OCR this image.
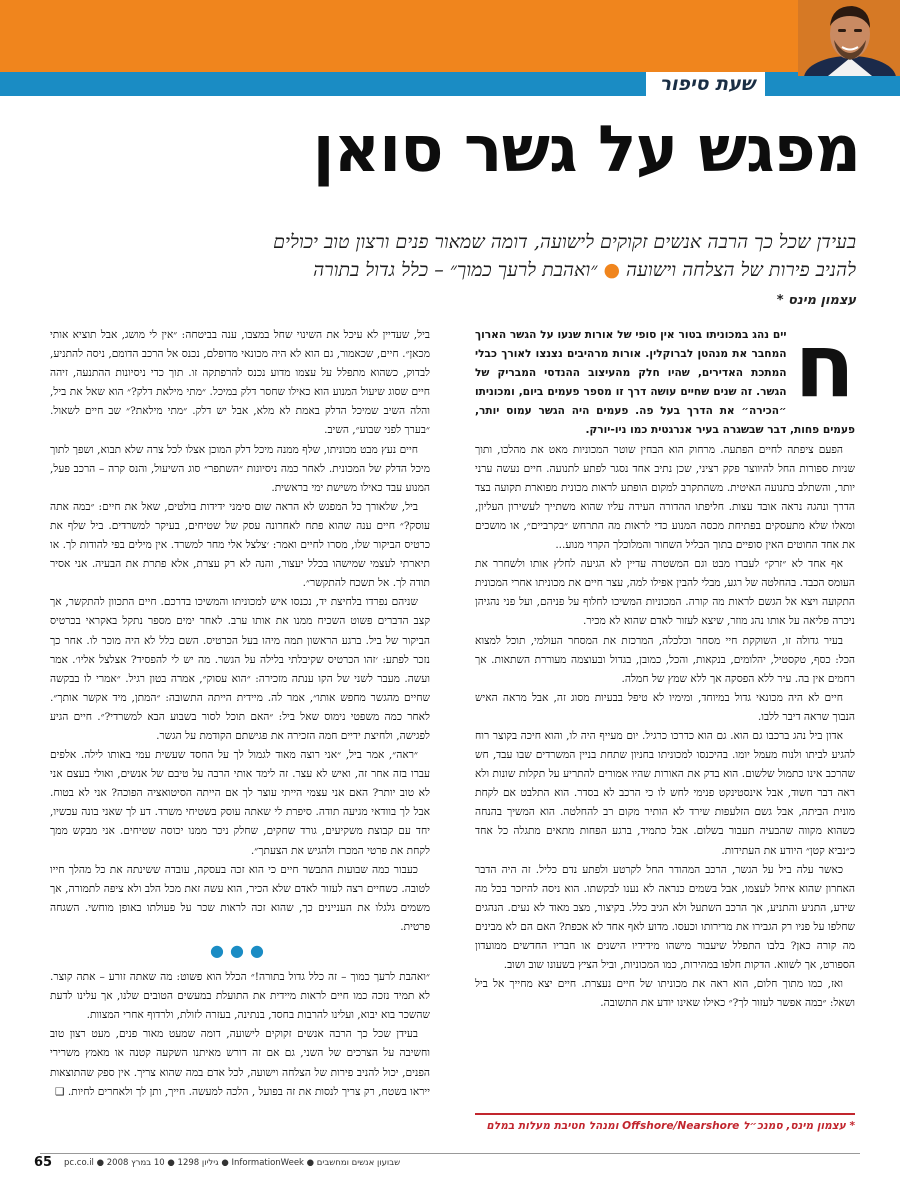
שעת סיפור
מפגש על גשר סואן
בעידן שכל כך הרבה אנשים זקוקים לישועה, דומה שמאור פנים ורצון טוב יכולים
להניב פירות של הצלחה וישועה●״ואהבת לרעך כמוך״ – כלל גדול בתורה
עצמון מינס *

ח
יים נהג במכוניתו בטור אין סופי של אורות שנעו על הגשר הארוך המחבר את מנהטן לברוקלין. אורות מרהיבים נצנצו לאורך כבלי המתכת האדירים, שהיו חלק מהעיצוב ההנדסי המבריק של הגשר. זה שנים שחיים עושה דרך זו מספר פעמים ביום, ומכוניתו ״הכירה״ את הדרך בעל פה. פעמים היה הגשר עמוס יותר, פעמים פחות, דבר שבשגרה בעיר אנרגטית כמו ניו-יורק.

הפעם ציפתה לחיים הפתעה. מרחוק הוא הבחין שוטר המכוניות מאט את מהלכו, ותוך שניות ספורות החל להיווצר פקק רציני, שכן נתיב אחד נסגר לפתע לתנועה. חיים נעשה ערני יותר, והשתלב בתנועה האיטית. משהתקרב למקום הופתע לראות מכונית מפוארת תקועה בצד הדרך ונהגה נראה אובד עצות. חליפתו ההדורה העידה עליו שהוא משתייך לעשירון העליון, ומאלו שלא מתעסקים בפתיחת מכסה המנוע כדי לראות מה התרחש ״בקרביים״, או מושכים את אחד החוטים האין סופיים בתוך הבליל השחור והמלוכלך הקרוי מנוע...

אף אחד לא ״זרק״ לעברו מבט וגם המשטרה עדיין לא הגיעה לחלץ אותו ולשחרר את העומס הכבד. בהחלטה של רגע, מבלי להבין אפילו למה, עצר חיים את מכוניתו אחרי המכונית התקועה ויצא אל הגשם לראות מה קורה. המכוניות המשיכו לחלוף על פניהם, ועל פני נהגיהן ניכרה פליאה על אותו נהג מוזר, שיצא לעזור לאדם שהוא לא מכיר.

בעיר גדולה זו, השוקקת חיי מסחר וכלכלה, המרכזת את המסחר העולמי, תוכל למצוא הכל: כסף, טקסטיל, יהלומים, בנקאות, והכל, כמובן, בגדול ובעוצמה מעוררת השתאות. אך רחמים אין בה. עיר ללא הפסקה אך ללא שמץ של חמלה.

חיים לא היה מכונאי גדול במיוחד, ומימיו לא טיפל בבעיות מסוג זה, אבל מראה האיש הנבוך שראה דיבר ללבו.

אדון ביל נהג ברכבו גם הוא. גם הוא כדרכו כרגיל. יום מעייף היה לו, והוא חיכה בקוצר רוח להגיע לביתו ולנוח מעמל יומו. בהיכנסו למכוניתו בחניון שתחת בניין המשרדים שבו עבד, חש שהרכב אינו כתמול שלשום. הוא בדק את האורות שהיו אמורים להתריע על תקלות שונות ולא ראה דבר חשוד, אבל אינסטינקט פנימי לחש לו כי הרכב לא בסדר. הוא התלבט אם לקחת מונית הביתה, אבל גשם הזלעפות שירד לא הותיר מקום רב להחלטה. הוא המשיך בהנחה כשהוא מקווה שהבעיה תעבור בשלום. אבל כתמיד, ברגע הפחות מתאים מתגלה כל אחד כ״נביא קטן״ היודע את העתידות.

כאשר עלה ביל על הגשר, הרכב המהודר החל לקרטע ולפתע נדם כליל. זה היה הדבר האחרון שהוא איחל לעצמו, אבל בשמים כנראה לא נענו לבקשתו. הוא ניסה להיזכר בכל מה שידע, התניע והתניע, אך הרכב השתעל ולא הגיב כלל. בקיצור, מצב מאוד לא נעים. הנהגים שחלפו על פניו רק הגבירו את מרירותו וכעסו. מדוע לאף אחד לא אכפת? האם הם לא מבינים מה קורה כאן? בלבו התפלל שיעבור מישהו מידידיו הישנים או חבריו החדשים ממועדון הספורט, אך לשווא. הדקות חלפו במהירות, כמו המכוניות, וביל הציץ בשעונו שוב ושוב.

ואז, כמו מתוך חלום, הוא ראה את מכוניתו של חיים נעצרת. חיים יצא מחייך אל ביל ושאל: ״במה אפשר לעזור לך?״ כאילו שאינו יודע את התשובה.

ביל, שעדיין לא עיכל את השינוי שחל במצבו, ענה בביטחה: ״אין לי מושג, אבל תוציא אותי מכאן״. חיים, שכאמור, גם הוא לא היה מכונאי מדופלם, נכנס אל הרכב הדומם, ניסה להתניע, לבדוק, כשהוא מתפלל על עצמו מדוע נכנס להרפתקה זו. תוך כדי ניסיונות ההתנעה, זיהה חיים שסוג שיעול המנוע הוא כאילו שחסר דלק במיכל. ״מתי מילאת דלק?״ הוא שאל את ביל, והלה השיב שמיכל הדלק באמת לא מלא, אבל יש דלק. ״מתי מילאת?״ שב חיים לשאול. ״בערך לפני שבוע״, השיב.

חיים נעץ מבט מכוניתו, שלף ממנה מיכל דלק המוכן אצלו לכל צרה שלא תבוא, ושפך לתוך מיכל הדלק של המכונית. לאחר כמה ניסיונות ״השתפר״ סוג השיעול, והנס קרה – הרכב פעל, המנוע עבד כאילו משישת ימי בראשית.

ביל, שלאורך כל המפגש לא הראה שום סימני ידידות בולטים, שאל את חיים: ״במה אתה עוסק?״ חיים ענה שהוא פתח לאחרונה עסק של שטיחים, בעיקר למשרדים. ביל שלף את כרטיס הביקור שלו, מסרו לחיים ואמר: ׳צלצל אלי מחר למשרד. אין מילים בפי להודות לך. או תיארתי לעצמי שמישהו בכלל יעצור, והנה לא רק עצרת, אלא פתרת את הבעיה. אני אסיר תודה לך. אל תשכח להתקשר״.

שניהם נפרדו בלחיצת יד, נכנסו איש למכוניתו והמשיכו בדרכם. חיים התכוון להתקשר, אך קצב הדברים פשוט השכיח ממנו את אותו ערב. לאחר ימים מספר נתקל באקראי בכרטיס הביקור של ביל. ברגע הראשון תמה מיהו בעל הכרטיס. השם כלל לא היה מוכר לו. אחר כך נזכר לפתע: ׳זהו הכרטיס שקיבלתי בלילה על הגשר. מה יש לי להפסיד? אצלצל אליו׳. אמר ועשה. מעבר לשני של הקו ענתה מזכירה: ״הוא עסוק״, אמרה בטון רגיל. ״אמרי לו בבקשה שחיים מהגשר מחפש אותו״, אמר לה. מיידית הייתה התשובה: ״המתן, מיד אקשר אותך״. לאחר כמה משפטי נימוס שאל ביל: ״האם תוכל לסור בשבוע הבא למשרדי?״. חיים הגיע לפגישה, ולחיצת ידיים חמה הזכירה את פגישתם הקודמת על הגשר.

״ראה״, אמר ביל, ״אני רוצה מאוד לגמול לך על החסד שעשית עמי באותו לילה. אלפים עברו בזה אחר זה, ואיש לא עצר. זה לימד אותי הרבה על טיבם של אנשים, ואולי בעצם אני לא טוב יותר? האם אני עצמי הייתי עוצר לך אם הייתה הסיטואציה הפוכה? אני לא בטוח. אבל לך בוודאי מגיעה תודה. סיפרת לי שאתה עוסק בשטיחי משרד. דע לך שאני בונה עכשיו, יחד עם קבוצת משקיעים, גורד שחקים, שחלק ניכר ממנו יכוסה שטיחים. אני מבקש ממך לקחת את פרטי המכרז ולהגיש את הצעתך״.

כעבור כמה שבועות התבשר חיים כי הוא זכה בעסקה, עובדה ששינתה את כל מהלך חייו לטובה. כשחיים רצה לעזור לאדם שלא הכיר, הוא עשה זאת מכל הלב ולא ציפה לתמורה, אך משמים גלגלו את העניינים כך, שהוא זכה לראות שכר על פעולתו באופן מוחשי. השגחה פרטית.

●●●

״ואהבת לרעך כמוך – זה כלל גדול בתורה!״ הכלל הוא פשוט: מה שאתה זורע – אתה קוצר. לא תמיד נזכה כמו חיים לראות מיידית את התועלת במעשים הטובים שלנו, אך עלינו לדעת שהשכר בוא יבוא, ועלינו להרבות בחסד, בנתינה, בעזרה לזולת, ולרדוף אחרי המצוות.

בעידן שכל כך הרבה אנשים זקוקים לישועה, דומה שמעט מאור פנים, מעט רצון טוב וחשיבה על הצרכים של השני, גם אם זה דורש מאיתנו השקעה קטנה או מאמץ משרירי הפנים, יכול להניב פירות של הצלחה וישועה, לכל אדם במה שהוא צריך. אין ספק שהתוצאות ייראו בשטח, רק צריך לנסות את זה בפועל , הלכה למעשה. חייך, ותן לך ולאחרים לחיות. ❑

* עצמון מינס, סמנכ״ל Offshore/Nearshore ומנהל חטיבת מעלות במלם
65 pc.co.il ● גיליון 1298 ● 10 במרץ 2008 ● InformationWeek ● שבועון אנשים ומחשבים
